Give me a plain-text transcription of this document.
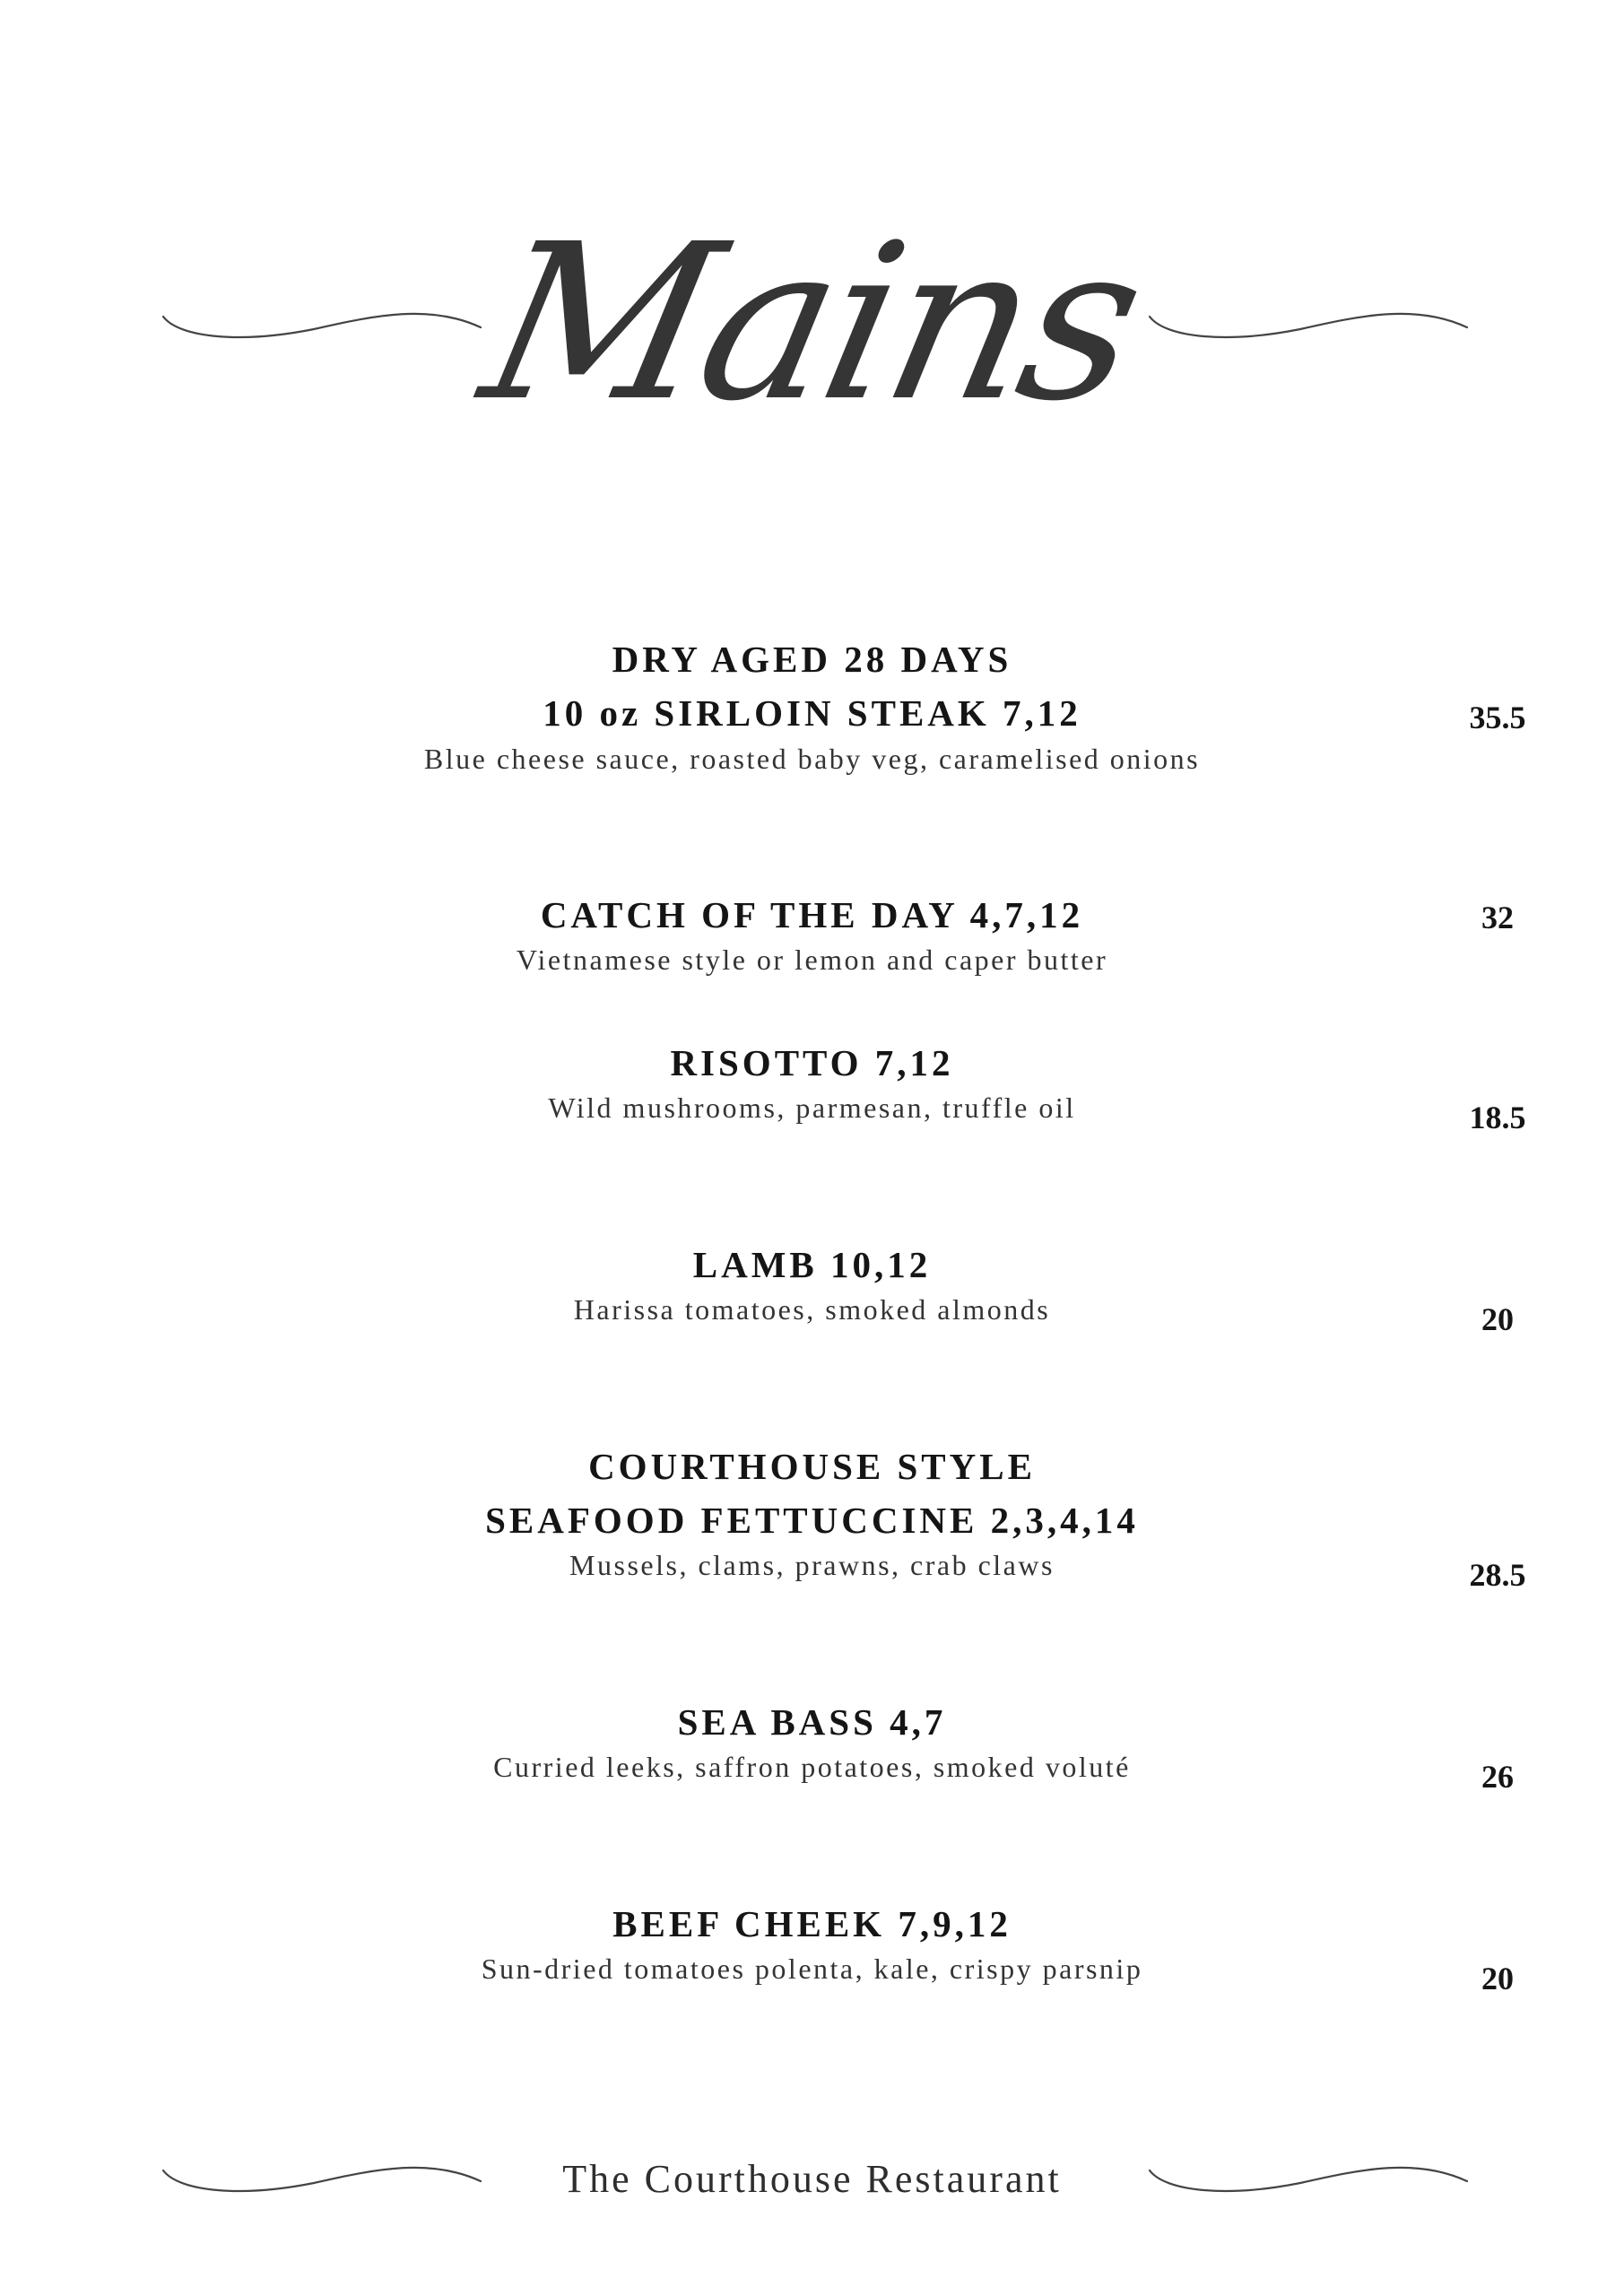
Mains
DRY AGED 28 DAYS
10 oz SIRLOIN STEAK 7,12
Blue cheese sauce, roasted baby veg, caramelised onions
35.5
CATCH OF THE DAY 4,7,12
Vietnamese style or lemon and caper butter
32
RISOTTO 7,12
Wild mushrooms, parmesan, truffle oil	18.5
LAMB 10,12
Harissa tomatoes, smoked almonds	20
COURTHOUSE STYLE
SEAFOOD FETTUCCINE 2,3,4,14
Mussels, clams, prawns, crab claws	28.5
SEA BASS 4,7
Curried leeks, saffron potatoes, smoked voluté	26
BEEF CHEEK 7,9,12
Sun-dried tomatoes polenta, kale, crispy parsnip	20
The Courthouse Restaurant
